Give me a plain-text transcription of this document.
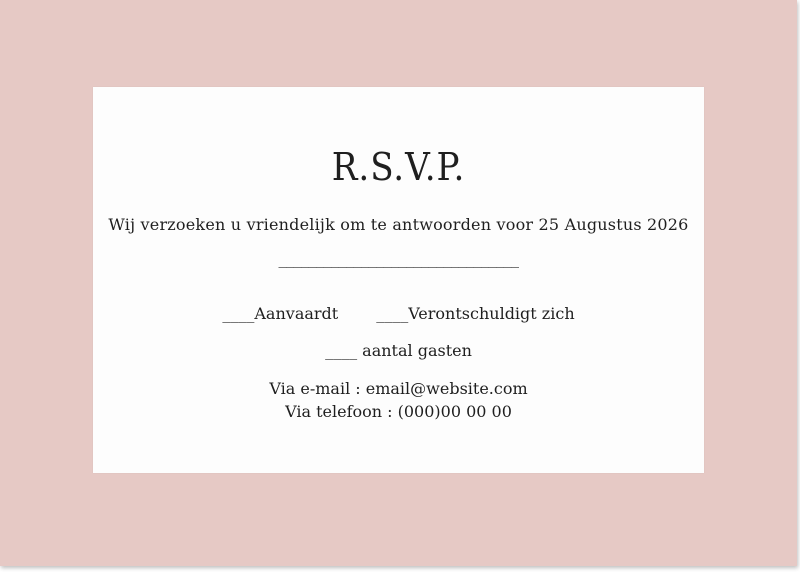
R.S.V.P.
Wij verzoeken u vriendelijk om te antwoorden voor 25 Augustus 2026
________________________________
____Aanvaardt ____Verontschuldigt zich
____ aantal gasten
Via e-mail : email@website.com
Via telefoon : (000)00 00 00
